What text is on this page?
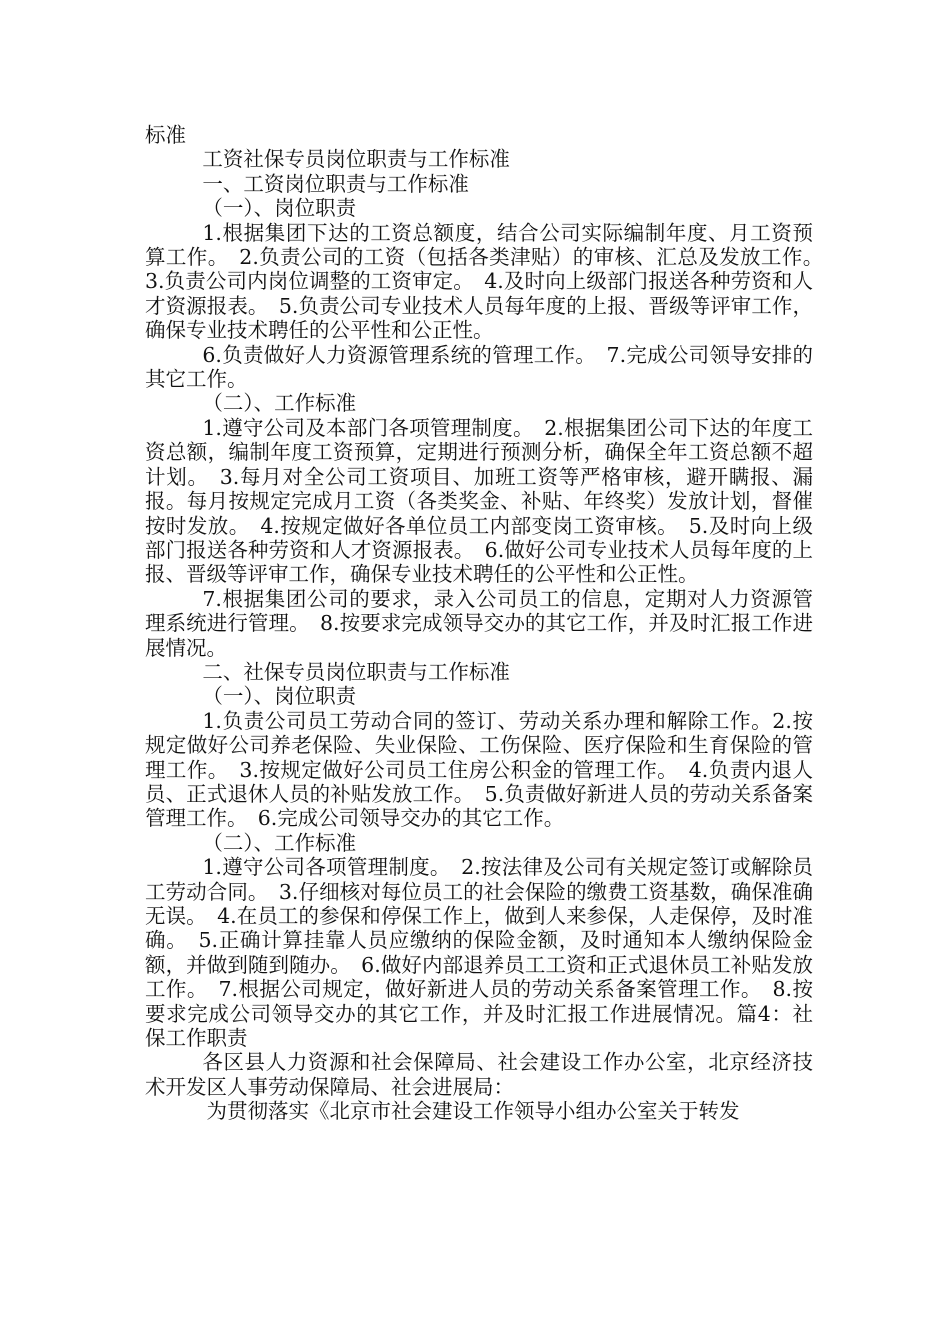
标准

工资社保专员岗位职责与工作标准

一、工资岗位职责与工作标准

（一）、岗位职责

1.根据集团下达的工资总额度，结合公司实际编制年度、月工资预算工作。　2.负责公司的工资（包括各类津贴）的审核、汇总及发放工作。　3.负责公司内岗位调整的工资审定。　4.及时向上级部门报送各种劳资和人才资源报表。　5.负责公司专业技术人员每年度的上报、晋级等评审工作，确保专业技术聘任的公平性和公正性。

6.负责做好人力资源管理系统的管理工作。　7.完成公司领导安排的其它工作。

（二）、工作标准

1.遵守公司及本部门各项管理制度。　2.根据集团公司下达的年度工资总额，编制年度工资预算，定期进行预测分析，确保全年工资总额不超计划。　3.每月对全公司工资项目、加班工资等严格审核，避开瞒报、漏报。每月按规定完成月工资（各类奖金、补贴、年终奖）发放计划，督催按时发放。　4.按规定做好各单位员工内部变岗工资审核。　5.及时向上级部门报送各种劳资和人才资源报表。　6.做好公司专业技术人员每年度的上报、晋级等评审工作，确保专业技术聘任的公平性和公正性。

7.根据集团公司的要求，录入公司员工的信息，定期对人力资源管理系统进行管理。　8.按要求完成领导交办的其它工作，并及时汇报工作进展情况。

二、社保专员岗位职责与工作标准

（一）、岗位职责

1.负责公司员工劳动合同的签订、劳动关系办理和解除工作。2.按规定做好公司养老保险、失业保险、工伤保险、医疗保险和生育保险的管理工作。　3.按规定做好公司员工住房公积金的管理工作。　4.负责内退人员、正式退休人员的补贴发放工作。　5.负责做好新进人员的劳动关系备案管理工作。　6.完成公司领导交办的其它工作。

（二）、工作标准

1.遵守公司各项管理制度。　2.按法律及公司有关规定签订或解除员工劳动合同。　3.仔细核对每位员工的社会保险的缴费工资基数，确保准确无误。　4.在员工的参保和停保工作上，做到人来参保，人走保停，及时准确。　5.正确计算挂靠人员应缴纳的保险金额，及时通知本人缴纳保险金额，并做到随到随办。　6.做好内部退养员工工资和正式退休员工补贴发放工作。　7.根据公司规定，做好新进人员的劳动关系备案管理工作。　8.按要求完成公司领导交办的其它工作，并及时汇报工作进展情况。篇4：社保工作职责

各区县人力资源和社会保障局、社会建设工作办公室，北京经济技术开发区人事劳动保障局、社会进展局：

为贯彻落实《北京市社会建设工作领导小组办公室关于转发
